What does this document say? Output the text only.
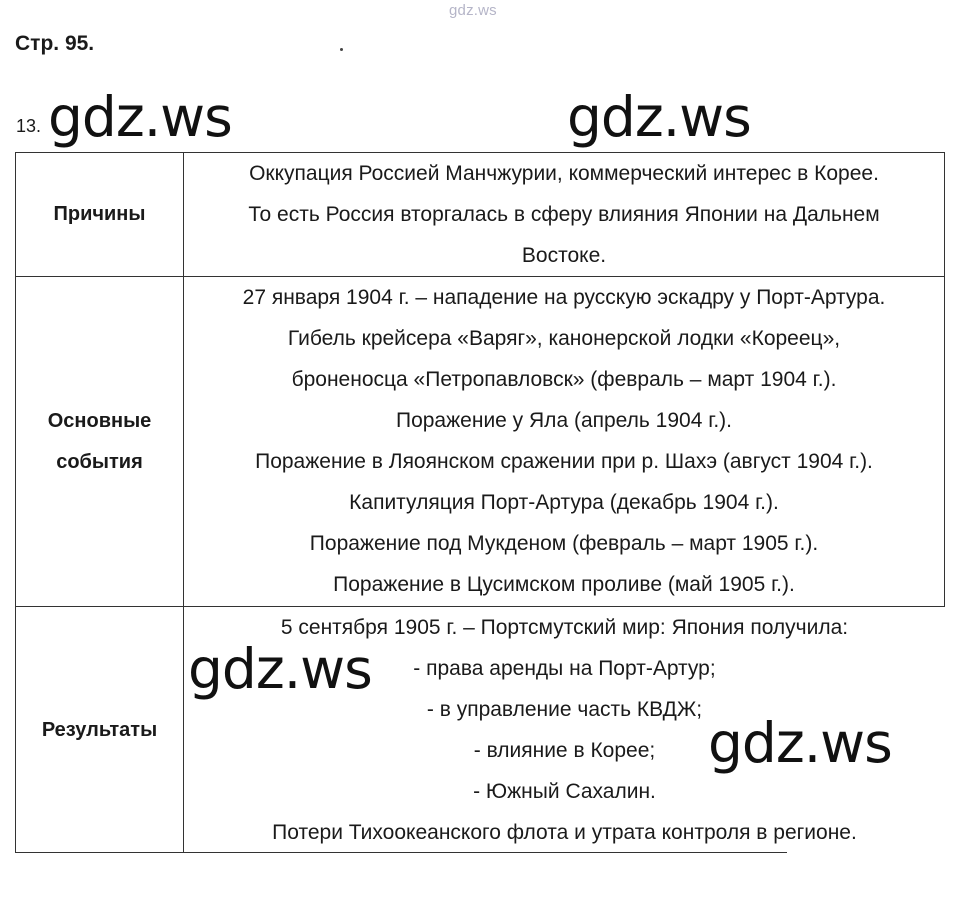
gdz.ws
Стр. 95.
13. gdz.ws	gdz.ws
gdz.ws
gdz.ws
Причины
Оккупация Россией Манчжурии, коммерческий интерес в Корее.
То есть Россия вторгалась в сферу влияния Японии на Дальнем
Востоке.
Основные
события
27 января 1904 г. – нападение на русскую эскадру у Порт-Артура.
Гибель крейсера «Варяг», канонерской лодки «Кореец»,
броненосца «Петропавловск» (февраль – март 1904 г.).
Поражение у Яла (апрель 1904 г.).
Поражение в Ляоянском сражении при р. Шахэ (август 1904 г.).
Капитуляция Порт-Артура (декабрь 1904 г.).
Поражение под Мукденом (февраль – март 1905 г.).
Поражение в Цусимском проливе (май 1905 г.).
Результаты
5 сентября 1905 г. – Портсмутский мир: Япония получила:
- права аренды на Порт-Артур;
- в управление часть КВДЖ;
- влияние в Корее;
- Южный Сахалин.
Потери Тихоокеанского флота и утрата контроля в регионе.
